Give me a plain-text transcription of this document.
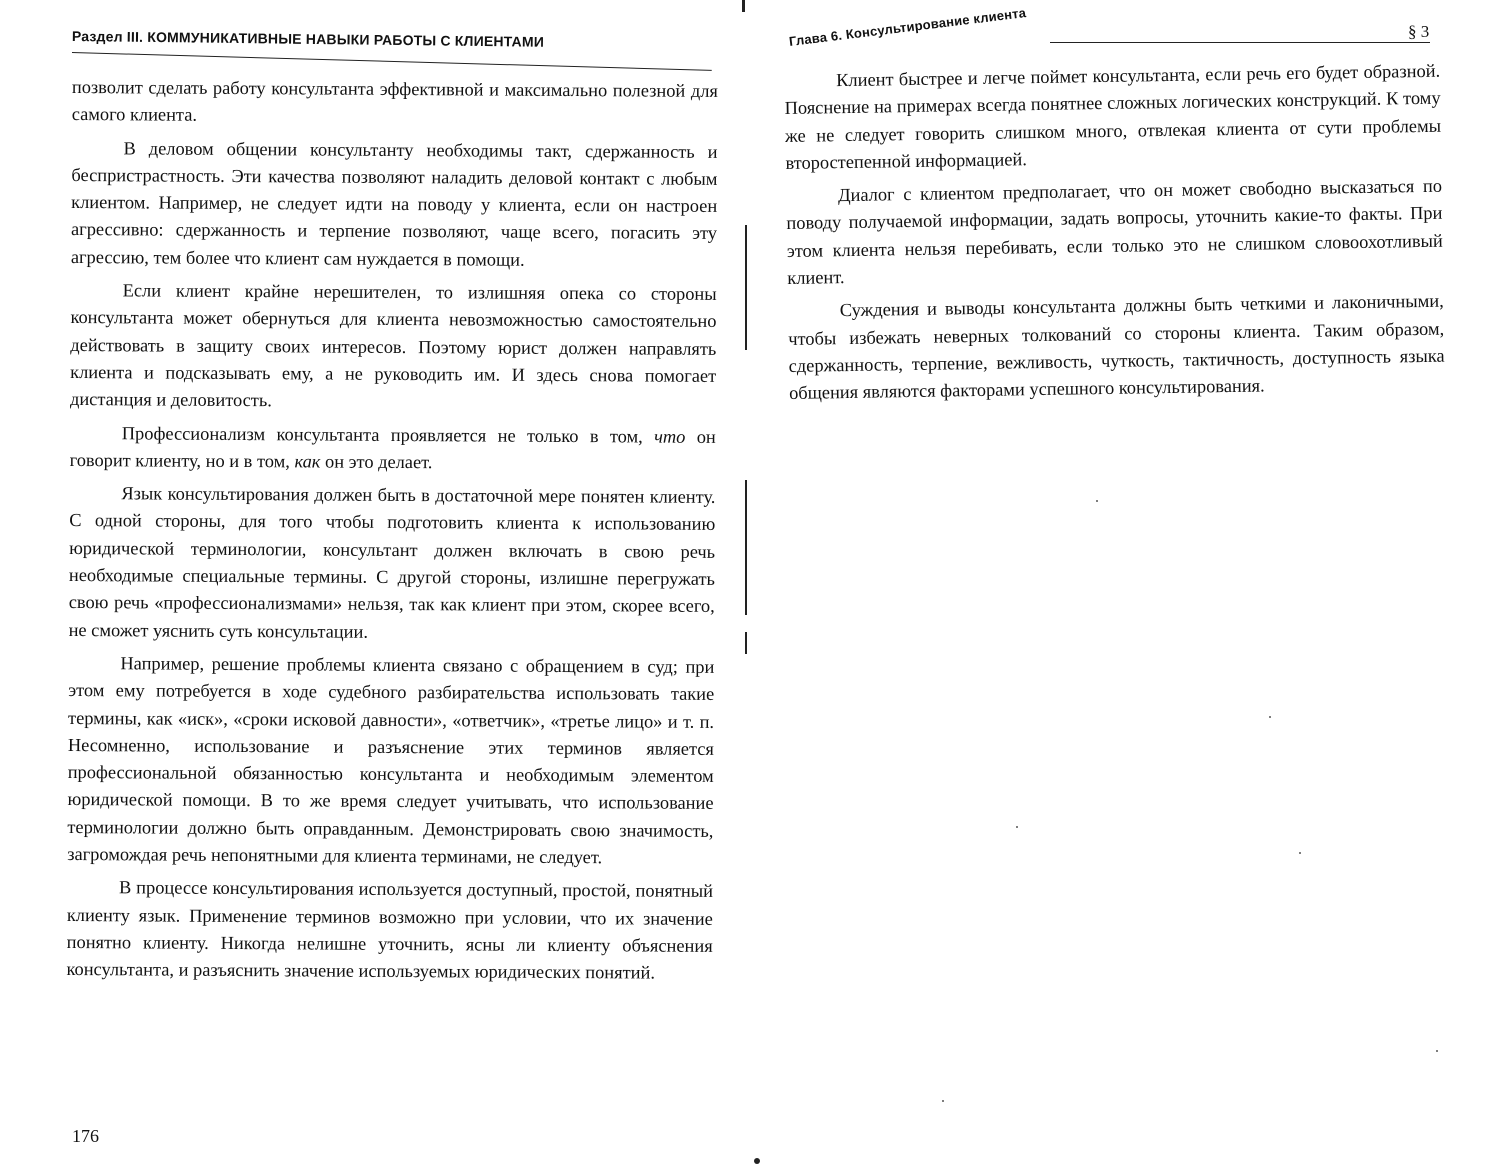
Раздел III. КОММУНИКАТИВНЫЕ НАВЫКИ РАБОТЫ С КЛИЕНТАМИ

позволит сделать работу консультанта эффективной и максимально полезной для самого клиента.

В деловом общении консультанту необходимы такт, сдержанность и беспристрастность. Эти качества позволяют наладить деловой контакт с любым клиентом. Например, не следует идти на поводу у клиента, если он настроен агрессивно: сдержанность и терпение позволяют, чаще всего, погасить эту агрессию, тем более что клиент сам нуждается в помощи.

Если клиент крайне нерешителен, то излишняя опека со стороны консультанта может обернуться для клиента невозможностью самостоятельно действовать в защиту своих интересов. Поэтому юрист должен направлять клиента и подсказывать ему, а не руководить им. И здесь снова помогает дистанция и деловитость.

Профессионализм консультанта проявляется не только в том, что он говорит клиенту, но и в том, как он это делает.

Язык консультирования должен быть в достаточной мере понятен клиенту. С одной стороны, для того чтобы подготовить клиента к использованию юридической терминологии, консультант должен включать в свою речь необходимые специальные термины. С другой стороны, излишне перегружать свою речь «профессионализмами» нельзя, так как клиент при этом, скорее всего, не сможет уяснить суть консультации.

Например, решение проблемы клиента связано с обращением в суд; при этом ему потребуется в ходе судебного разбирательства использовать такие термины, как «иск», «сроки исковой давности», «ответчик», «третье лицо» и т. п. Несомненно, использование и разъяснение этих терминов является профессиональной обязанностью консультанта и необходимым элементом юридической помощи. В то же время следует учитывать, что использование терминологии должно быть оправданным. Демонстрировать свою значимость, загромождая речь непонятными для клиента терминами, не следует.

В процессе консультирования используется доступный, простой, понятный клиенту язык. Применение терминов возможно при условии, что их значение понятно клиенту. Никогда нелишне уточнить, ясны ли клиенту объяснения консультанта, и разъяснить значение используемых юридических понятий.

176
Глава 6. Консультирование клиента	§ 3

Клиент быстрее и легче поймет консультанта, если речь его будет образной. Пояснение на примерах всегда понятнее сложных логических конструкций. К тому же не следует говорить слишком много, отвлекая клиента от сути проблемы второстепенной информацией.

Диалог с клиентом предполагает, что он может свободно высказаться по поводу получаемой информации, задать вопросы, уточнить какие-то факты. При этом клиента нельзя перебивать, если только это не слишком словоохотливый клиент.

Суждения и выводы консультанта должны быть четкими и лаконичными, чтобы избежать неверных толкований со стороны клиента. Таким образом, сдержанность, терпение, вежливость, чуткость, тактичность, доступность языка общения являются факторами успешного консультирования.
